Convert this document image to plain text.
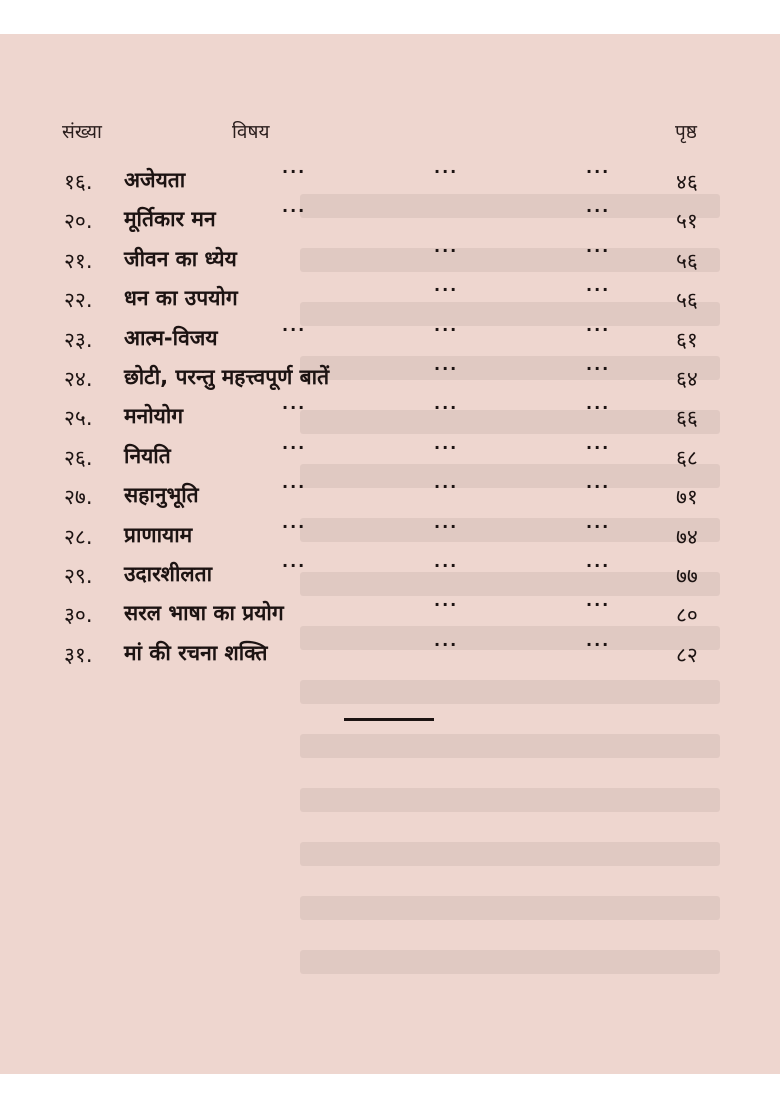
संख्या	विषय	पृष्ठ
१६. अजेयता	···	···	···	४६
२०. मूर्तिकार मन	···	···	५१
२१. जीवन का ध्येय	···	···	५६
२२. धन का उपयोग	···	···	५६
२३. आत्म-विजय	···	···	···	६१
२४. छोटी, परन्तु महत्त्वपूर्ण बातें	···	···	६४
२५. मनोयोग	···	···	···	६६
२६. नियति	···	···	···	६८
२७. सहानुभूति	···	···	···	७१
२८. प्राणायाम	···	···	···	७४
२९. उदारशीलता	···	···	···	७७
३०. सरल भाषा का प्रयोग	···	···	८०
३१. मां की रचना शक्ति	···	···	८२
